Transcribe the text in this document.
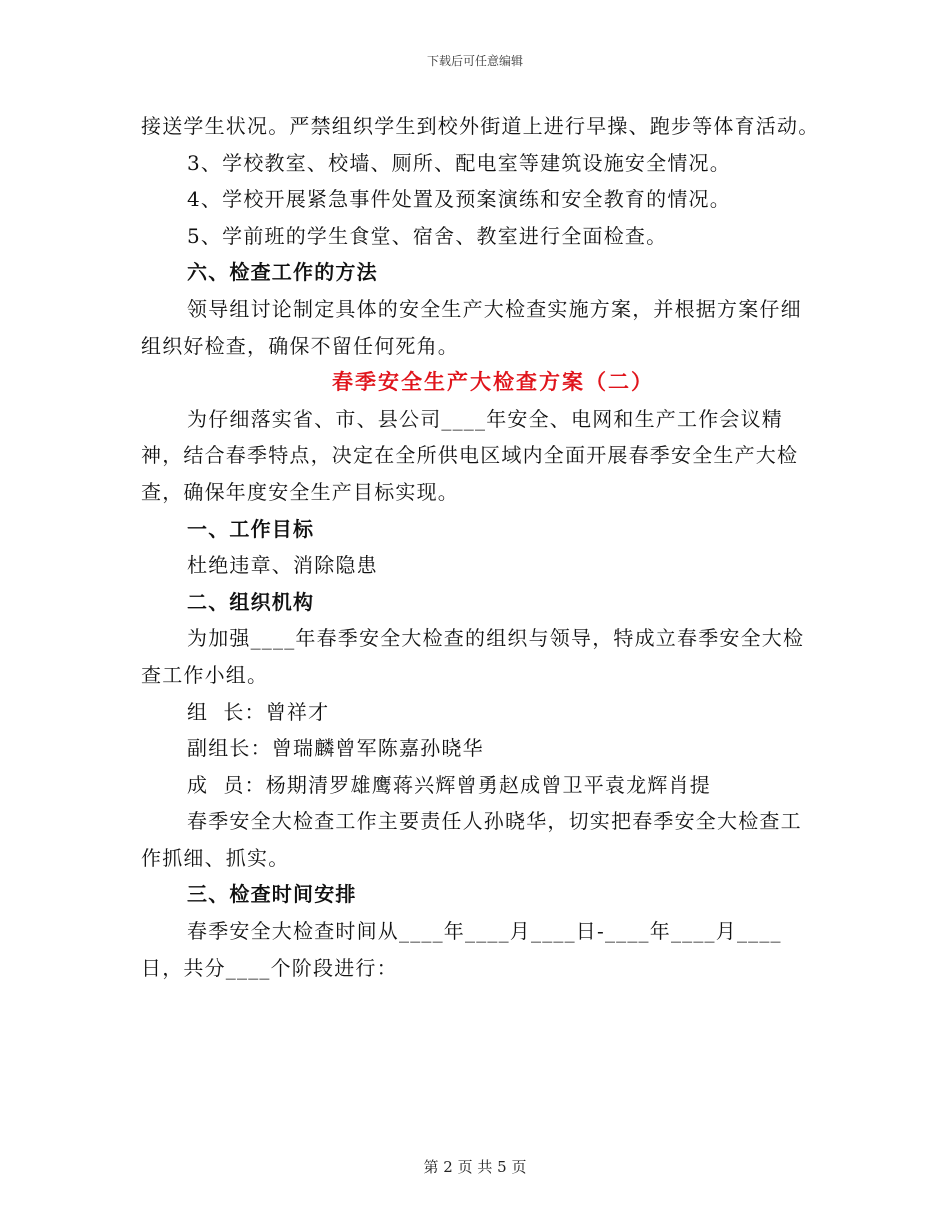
下载后可任意编辑

接送学生状况。严禁组织学生到校外街道上进行早操、跑步等体育活动。

3、学校教室、校墙、厕所、配电室等建筑设施安全情况。

4、学校开展紧急事件处置及预案演练和安全教育的情况。

5、学前班的学生食堂、宿舍、教室进行全面检查。

六、检查工作的方法

领导组讨论制定具体的安全生产大检查实施方案，并根据方案仔细组织好检查，确保不留任何死角。

春季安全生产大检查方案（二）

为仔细落实省、市、县公司____年安全、电网和生产工作会议精神，结合春季特点，决定在全所供电区域内全面开展春季安全生产大检查，确保年度安全生产目标实现。

一、工作目标

杜绝违章、消除隐患

二、组织机构

为加强____年春季安全大检查的组织与领导，特成立春季安全大检查工作小组。

组  长：曾祥才

副组长：曾瑞麟曾军陈嘉孙晓华

成  员：杨期清罗雄鹰蒋兴辉曾勇赵成曾卫平袁龙辉肖提

春季安全大检查工作主要责任人孙晓华，切实把春季安全大检查工作抓细、抓实。

三、检查时间安排

春季安全大检查时间从____年____月____日-____年____月____日，共分____个阶段进行：

第 2 页 共 5 页
